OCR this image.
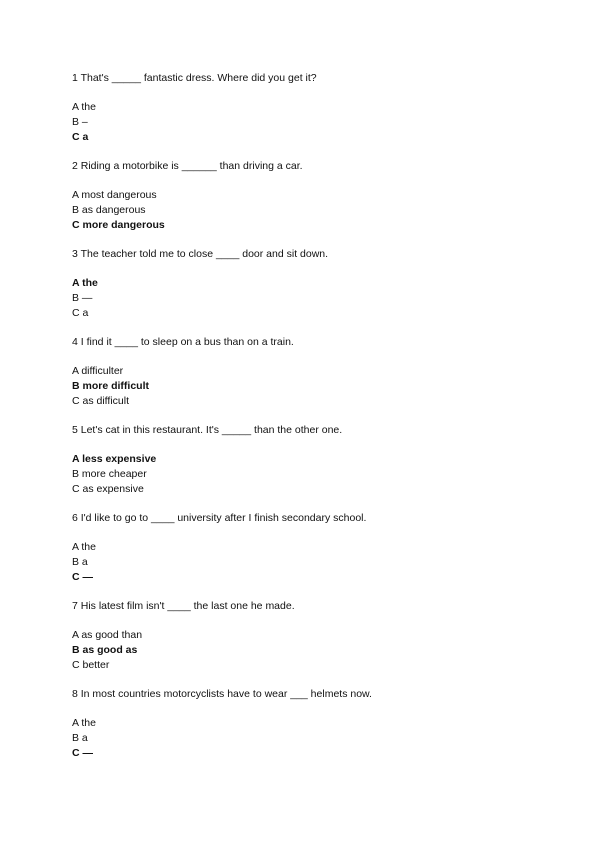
1 That's _____ fantastic dress. Where did you get it?
A the
B –
C a
2 Riding a motorbike is ______ than driving a car.
A most dangerous
B as dangerous
C more dangerous
3 The teacher told me to close ____ door and sit down.
A the
B —
C a
4 I find it ____ to sleep on a bus than on a train.
A difficulter
B more difficult
C as difficult
5 Let's cat in this restaurant. It's _____ than the other one.
A less expensive
B more cheaper
C as expensive
6 I'd like to go to ____ university after I finish secondary school.
A the
B a
C —
7 His latest film isn't ____ the last one he made.
A as good than
B as good as
C better
8 In most countries motorcyclists have to wear ___ helmets now.
A the
B a
C —
